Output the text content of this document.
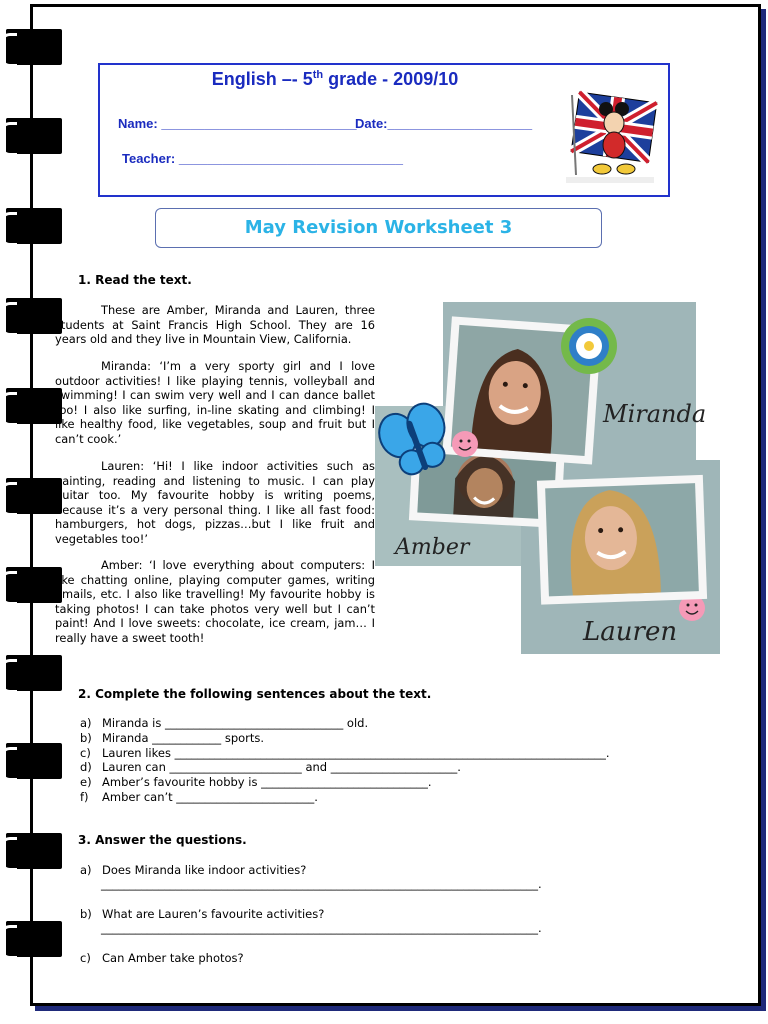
English –- 5th grade - 2009/10
Name: ___________________________
Date:____________________
Teacher: _______________________________
May Revision Worksheet 3
1. Read the text.
These are Amber, Miranda and Lauren, three students at Saint Francis High School. They are 16 years old and they live in Mountain View, California.
Miranda: ‘I’m a very sporty girl and I love outdoor activities! I like playing tennis, volleyball and swimming! I can swim very well and I can dance ballet too! I also like surfing, in-line skating and climbing! I like healthy food, like vegetables, soup and fruit but I can’t cook.’
Lauren: ‘Hi! I like indoor activities such as painting, reading and listening to music. I can play guitar too. My favourite hobby is writing poems, because it’s a very personal thing. I like all fast food: hamburgers, hot dogs, pizzas…but I like fruit and vegetables too!’
Amber: ‘I love everything about computers: I like chatting online, playing computer games, writing emails, etc. I also like travelling! My favourite hobby is taking photos! I can take photos very well but I can’t paint! And I love sweets: chocolate, ice cream, jam… I really have a sweet tooth!
Amber
Miranda
Lauren
2. Complete the following sentences about the text.
a) Miranda is _______________________________ old.
b) Miranda ____________ sports.
c) Lauren likes ___________________________________________________________________________.
d) Lauren can _______________________ and ______________________.
e) Amber’s favourite hobby is _____________________________.
f) Amber can’t ________________________.
3. Answer the questions.
a) Does Miranda like indoor activities?
____________________________________________________________________________.
b) What are Lauren’s favourite activities?
____________________________________________________________________________.
c) Can Amber take photos?
